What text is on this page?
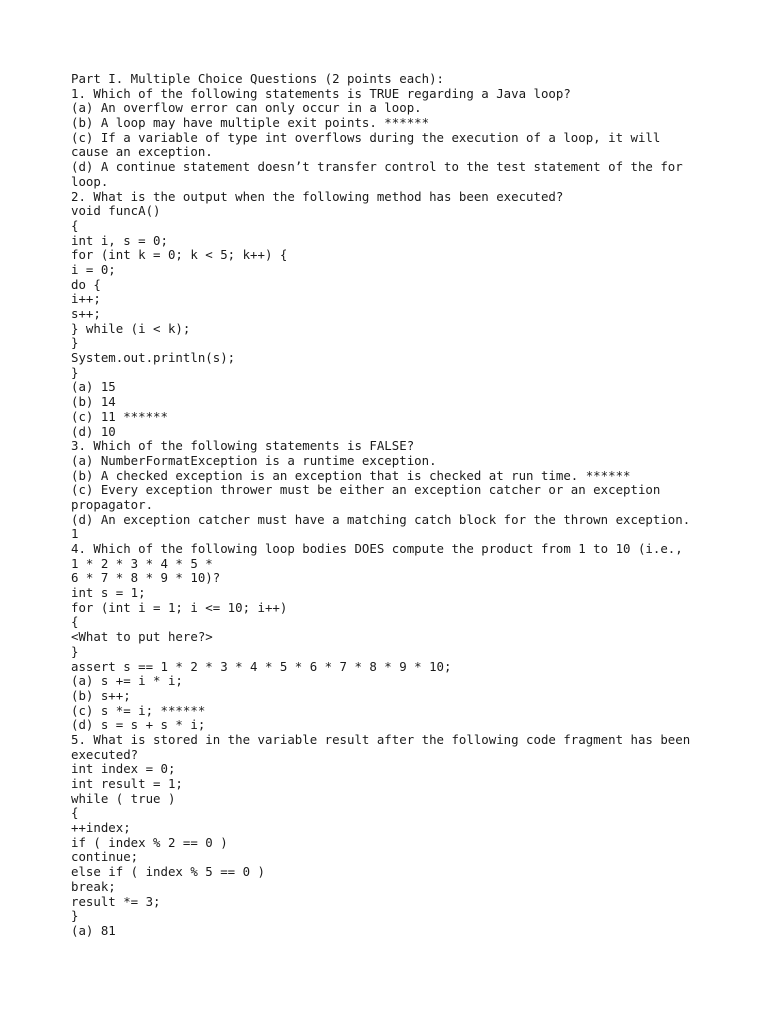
Part I. Multiple Choice Questions (2 points each):
1. Which of the following statements is TRUE regarding a Java loop?
(a) An overflow error can only occur in a loop.
(b) A loop may have multiple exit points. ******
(c) If a variable of type int overflows during the execution of a loop, it will
cause an exception.
(d) A continue statement doesn’t transfer control to the test statement of the for
loop.
2. What is the output when the following method has been executed?
void funcA()
{
int i, s = 0;
for (int k = 0; k < 5; k++) {
i = 0;
do {
i++;
s++;
} while (i < k);
}
System.out.println(s);
}
(a) 15
(b) 14
(c) 11 ******
(d) 10
3. Which of the following statements is FALSE?
(a) NumberFormatException is a runtime exception.
(b) A checked exception is an exception that is checked at run time. ******
(c) Every exception thrower must be either an exception catcher or an exception
propagator.
(d) An exception catcher must have a matching catch block for the thrown exception.
1
4. Which of the following loop bodies DOES compute the product from 1 to 10 (i.e.,
1 * 2 * 3 * 4 * 5 *
6 * 7 * 8 * 9 * 10)?
int s = 1;
for (int i = 1; i <= 10; i++)
{
<What to put here?>
}
assert s == 1 * 2 * 3 * 4 * 5 * 6 * 7 * 8 * 9 * 10;
(a) s += i * i;
(b) s++;
(c) s *= i; ******
(d) s = s + s * i;
5. What is stored in the variable result after the following code fragment has been
executed?
int index = 0;
int result = 1;
while ( true )
{
++index;
if ( index % 2 == 0 )
continue;
else if ( index % 5 == 0 )
break;
result *= 3;
}
(a) 81
